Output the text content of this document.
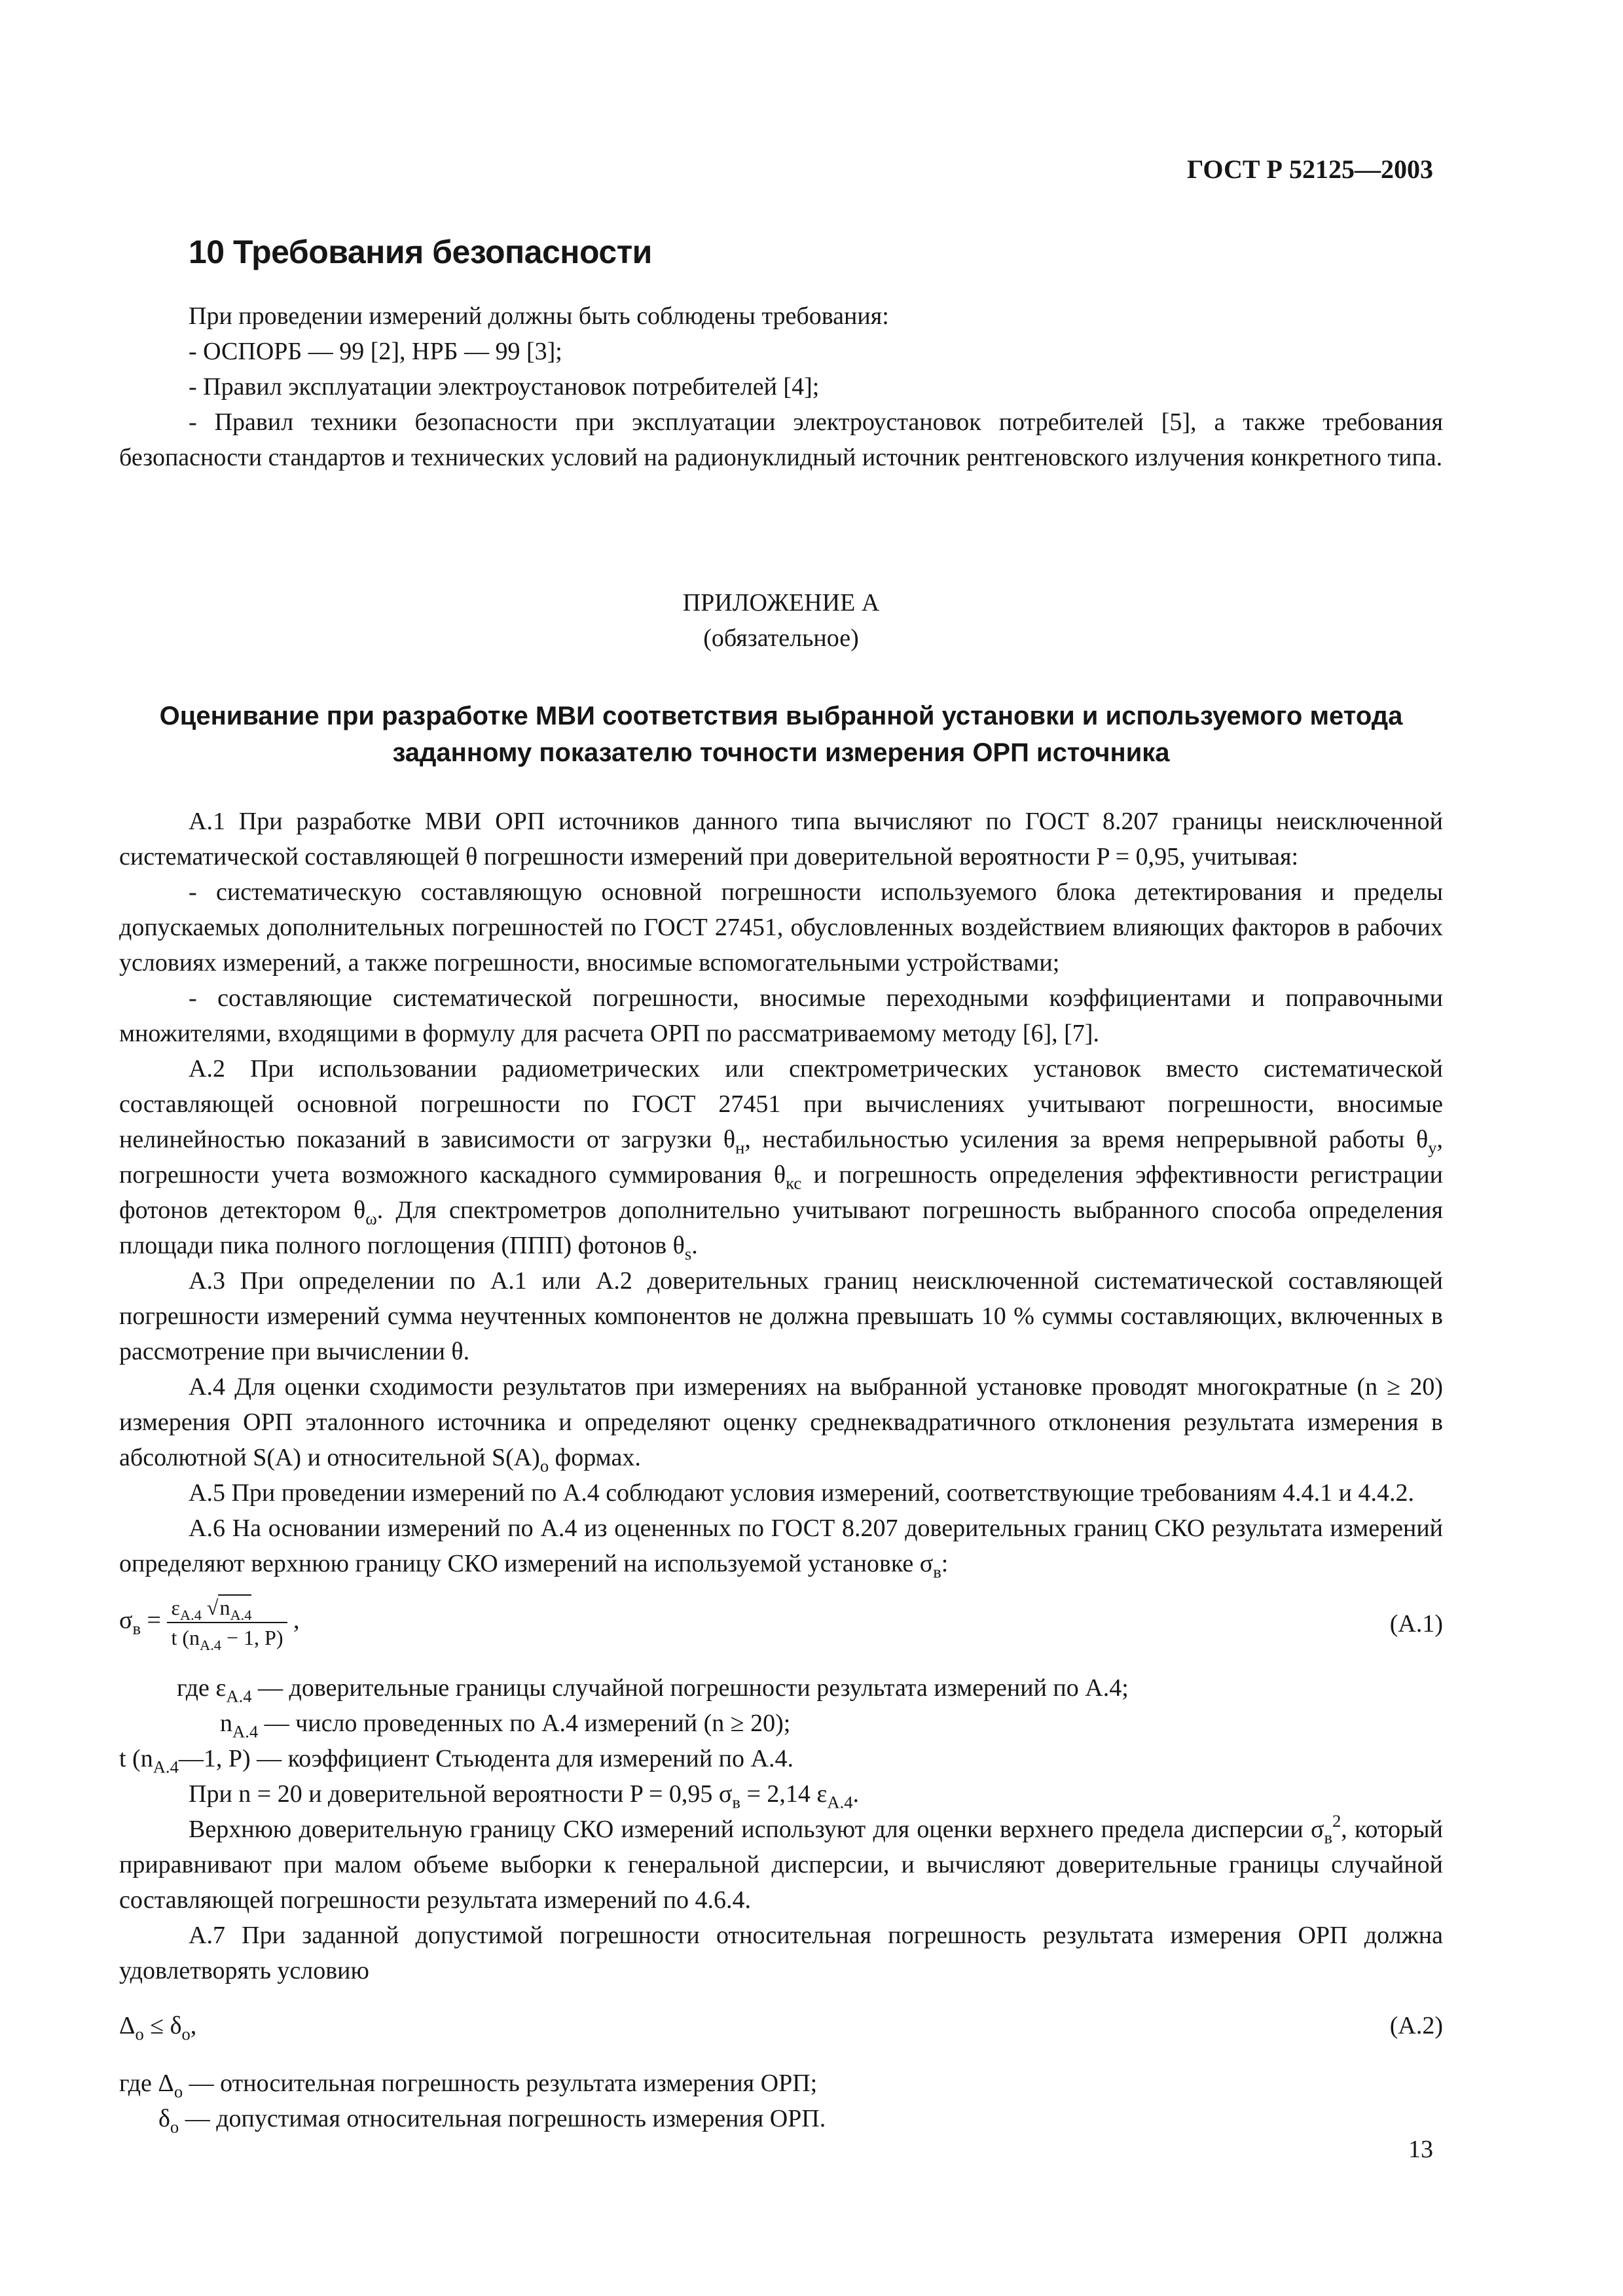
ГОСТ Р 52125—2003
10 Требования безопасности

При проведении измерений должны быть соблюдены требования:

- ОСПОРБ — 99 [2], НРБ — 99 [3];

- Правил эксплуатации электроустановок потребителей [4];

- Правил техники безопасности при эксплуатации электроустановок потребителей [5], а также требования безопасности стандартов и технических условий на радионуклидный источник рентгеновского излучения конкретного типа.

ПРИЛОЖЕНИЕ А

(обязательное)

Оценивание при разработке МВИ соответствия выбранной установки и используемого метода

заданному показателю точности измерения ОРП источника

А.1 При разработке МВИ ОРП источников данного типа вычисляют по ГОСТ 8.207 границы неисключенной систематической составляющей θ погрешности измерений при доверительной вероятности P = 0,95, учитывая:

- систематическую составляющую основной погрешности используемого блока детектирования и пределы допускаемых дополнительных погрешностей по ГОСТ 27451, обусловленных воздействием влияющих факторов в рабочих условиях измерений, а также погрешности, вносимые вспомогательными устройствами;

- составляющие систематической погрешности, вносимые переходными коэффициентами и поправочными множителями, входящими в формулу для расчета ОРП по рассматриваемому методу [6], [7].

А.2 При использовании радиометрических или спектрометрических установок вместо систематической составляющей основной погрешности по ГОСТ 27451 при вычислениях учитывают погрешности, вносимые нелинейностью показаний в зависимости от загрузки $\theta_н$, нестабильностью усиления за время непрерывной работы $\theta_у$, погрешности учета возможного каскадного суммирования $\theta_{кс}$ и погрешность определения эффективности регистрации фотонов детектором $\theta_\omega$. Для спектрометров дополнительно учитывают погрешность выбранного способа определения площади пика полного поглощения (ППП) фотонов $\theta_s$.

А.3 При определении по А.1 или А.2 доверительных границ неисключенной систематической составляющей погрешности измерений сумма неучтенных компонентов не должна превышать 10 % суммы составляющих, включенных в рассмотрение при вычислении θ.

А.4 Для оценки сходимости результатов при измерениях на выбранной установке проводят многократные (n ≥ 20) измерения ОРП эталонного источника и определяют оценку среднеквадратичного отклонения результата измерения в абсолютной S(A) и относительной $S(A)_о$ формах.

А.5 При проведении измерений по А.4 соблюдают условия измерений, соответствующие требованиям 4.4.1 и 4.4.2.

А.6 На основании измерений по А.4 из оцененных по ГОСТ 8.207 доверительных границ СКО результата измерений определяют верхнюю границу СКО измерений на используемой установке $\sigma_в$:

$\sigma_в = \frac{\varepsilon_{А.4} √n_{А.4}}{t (n_{А.4} - 1, P)}$ ,	(А.1)

где $\varepsilon_{А.4}$ — доверительные границы случайной погрешности результата измерений по А.4;

$n_{А.4}$ — число проведенных по А.4 измерений (n ≥ 20);

t ($n_{А.4}—1$, P) — коэффициент Стьюдента для измерений по А.4.

При n = 20 и доверительной вероятности P = 0,95 $\sigma_в = 2,14$ $\varepsilon_{А.4}$.

Верхнюю доверительную границу СКО измерений используют для оценки верхнего предела дисперсии $\sigma_в^2$, который приравнивают при малом объеме выборки к генеральной дисперсии, и вычисляют доверительные границы случайной составляющей погрешности результата измерений по 4.6.4.

А.7 При заданной допустимой погрешности относительная погрешность результата измерения ОРП должна удовлетворять условию

$\Delta_о \le \delta_о$,	(А.2)

где $\Delta_о$ — относительная погрешность результата измерения ОРП;

$\delta_о$ — допустимая относительная погрешность измерения ОРП.

13
